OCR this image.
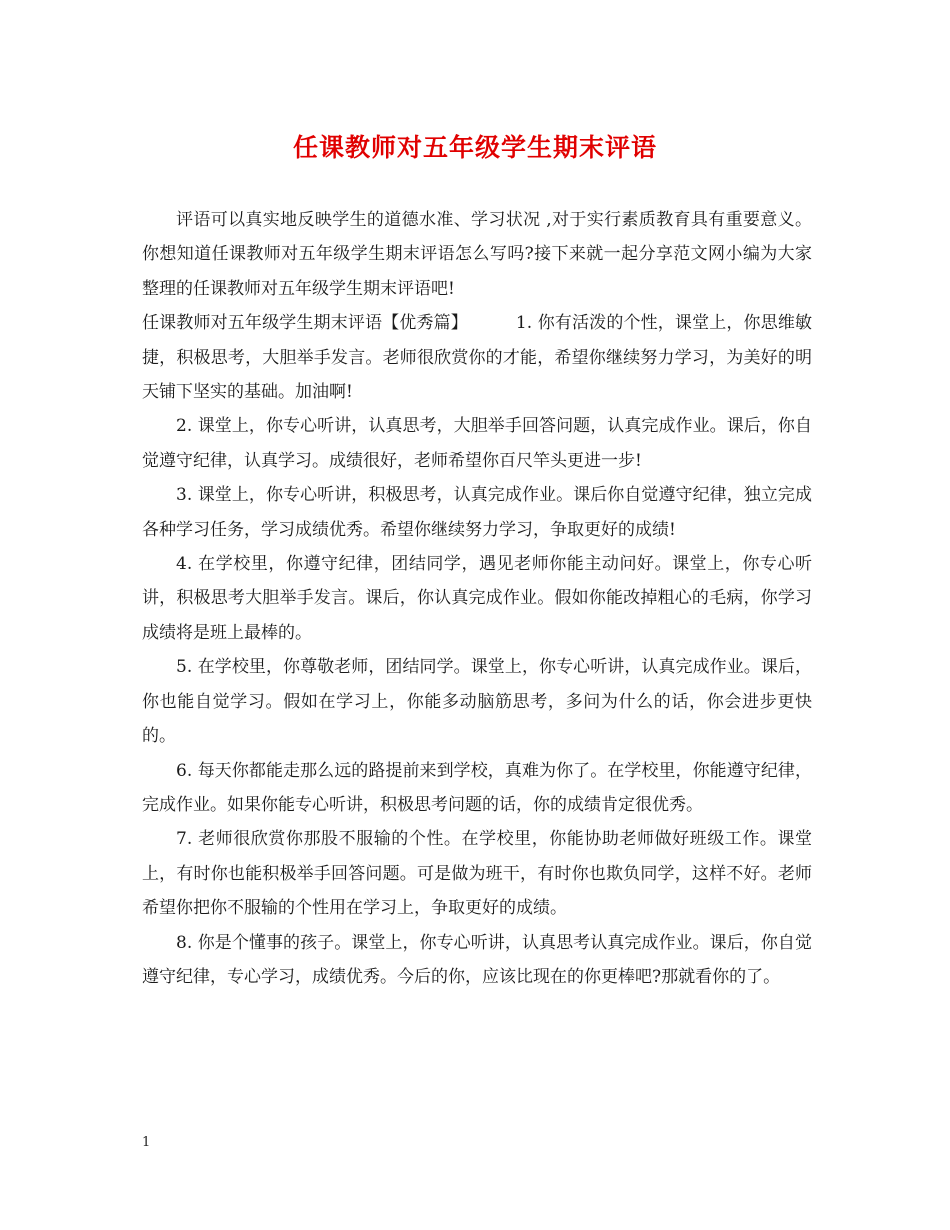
任课教师对五年级学生期末评语

评语可以真实地反映学生的道德水准、学习状况 ,对于实行素质教育具有重要意义。你想知道任课教师对五年级学生期末评语怎么写吗?接下来就一起分享范文网小编为大家整理的任课教师对五年级学生期末评语吧!

任课教师对五年级学生期末评语【优秀篇】	1. 你有活泼的个性，课堂上，你思维敏捷，积极思考，大胆举手发言。老师很欣赏你的才能，希望你继续努力学习，为美好的明天铺下坚实的基础。加油啊!

2. 课堂上，你专心听讲，认真思考，大胆举手回答问题，认真完成作业。课后，你自觉遵守纪律，认真学习。成绩很好，老师希望你百尺竿头更进一步!

3. 课堂上，你专心听讲，积极思考，认真完成作业。课后你自觉遵守纪律，独立完成各种学习任务，学习成绩优秀。希望你继续努力学习，争取更好的成绩!

4. 在学校里，你遵守纪律，团结同学，遇见老师你能主动问好。课堂上，你专心听讲，积极思考大胆举手发言。课后，你认真完成作业。假如你能改掉粗心的毛病，你学习成绩将是班上最棒的。

5. 在学校里，你尊敬老师，团结同学。课堂上，你专心听讲，认真完成作业。课后，你也能自觉学习。假如在学习上，你能多动脑筋思考，多问为什么的话，你会进步更快的。

6. 每天你都能走那么远的路提前来到学校，真难为你了。在学校里，你能遵守纪律，完成作业。如果你能专心听讲，积极思考问题的话，你的成绩肯定很优秀。

7. 老师很欣赏你那股不服输的个性。在学校里，你能协助老师做好班级工作。课堂上，有时你也能积极举手回答问题。可是做为班干，有时你也欺负同学，这样不好。老师希望你把你不服输的个性用在学习上，争取更好的成绩。

8. 你是个懂事的孩子。课堂上，你专心听讲，认真思考认真完成作业。课后，你自觉遵守纪律，专心学习，成绩优秀。今后的你，应该比现在的你更棒吧?那就看你的了。

1
